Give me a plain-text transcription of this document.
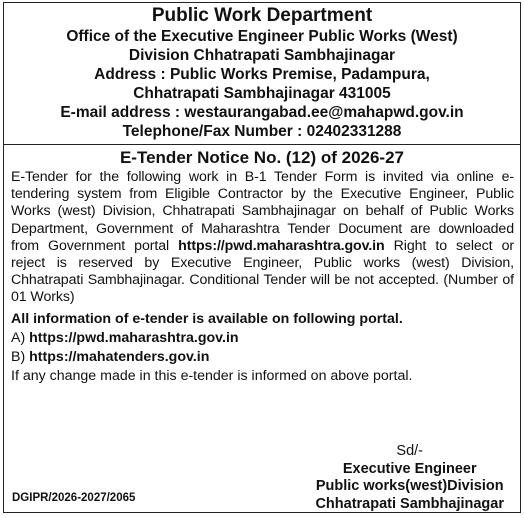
Public Work Department
Office of the Executive Engineer Public Works (West)
Division Chhatrapati Sambhajinagar
Address : Public Works Premise, Padampura,
Chhatrapati Sambhajinagar 431005
E-mail address : westaurangabad.ee@mahapwd.gov.in
Telephone/Fax Number : 02402331288
E-Tender Notice No. (12) of 2026-27
E-Tender for the following work in B-1 Tender Form is invited via online e-tendering system from Eligible Contractor by the Executive Engineer, Public Works (west) Division, Chhatrapati Sambhajinagar on behalf of Public Works Department, Government of Maharashtra Tender Document are downloaded from Government portal https://pwd.maharashtra.gov.in Right to select or reject is reserved by Executive Engineer, Public works (west) Division, Chhatrapati Sambhajinagar. Conditional Tender will be not accepted. (Number of 01 Works)
All information of e-tender is available on following portal.
A) https://pwd.maharashtra.gov.in
B) https://mahatenders.gov.in
If any change made in this e-tender is informed on above portal.
Sd/-
Executive Engineer
Public works(west)Division
Chhatrapati Sambhajinagar
DGIPR/2026-2027/2065
